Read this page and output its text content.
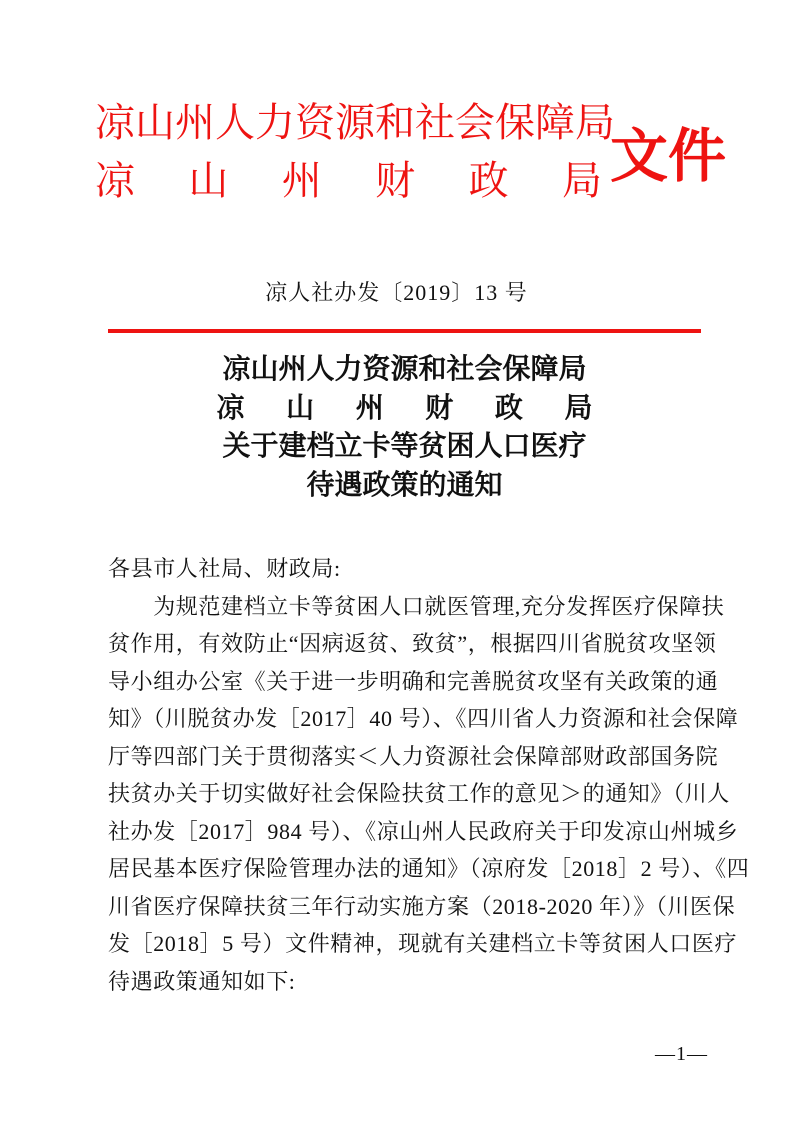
凉山州人力资源和社会保障局
凉 山 州 财 政 局 文件
凉人社办发〔2019〕13 号
凉山州人力资源和社会保障局
凉 山 州 财 政 局
关于建档立卡等贫困人口医疗
待遇政策的通知
各县市人社局、财政局:
　　为规范建档立卡等贫困人口就医管理,充分发挥医疗保障扶
贫作用，有效防止“因病返贫、致贫”，根据四川省脱贫攻坚领
导小组办公室《关于进一步明确和完善脱贫攻坚有关政策的通
知》（川脱贫办发［2017］40 号）、《四川省人力资源和社会保障
厅等四部门关于贯彻落实＜人力资源社会保障部财政部国务院
扶贫办关于切实做好社会保险扶贫工作的意见＞的通知》（川人
社办发［2017］984 号）、《凉山州人民政府关于印发凉山州城乡
居民基本医疗保险管理办法的通知》（凉府发［2018］2 号）、《四
川省医疗保障扶贫三年行动实施方案（2018-2020 年）》（川医保
发［2018］5 号）文件精神，现就有关建档立卡等贫困人口医疗
待遇政策通知如下:
—1—
